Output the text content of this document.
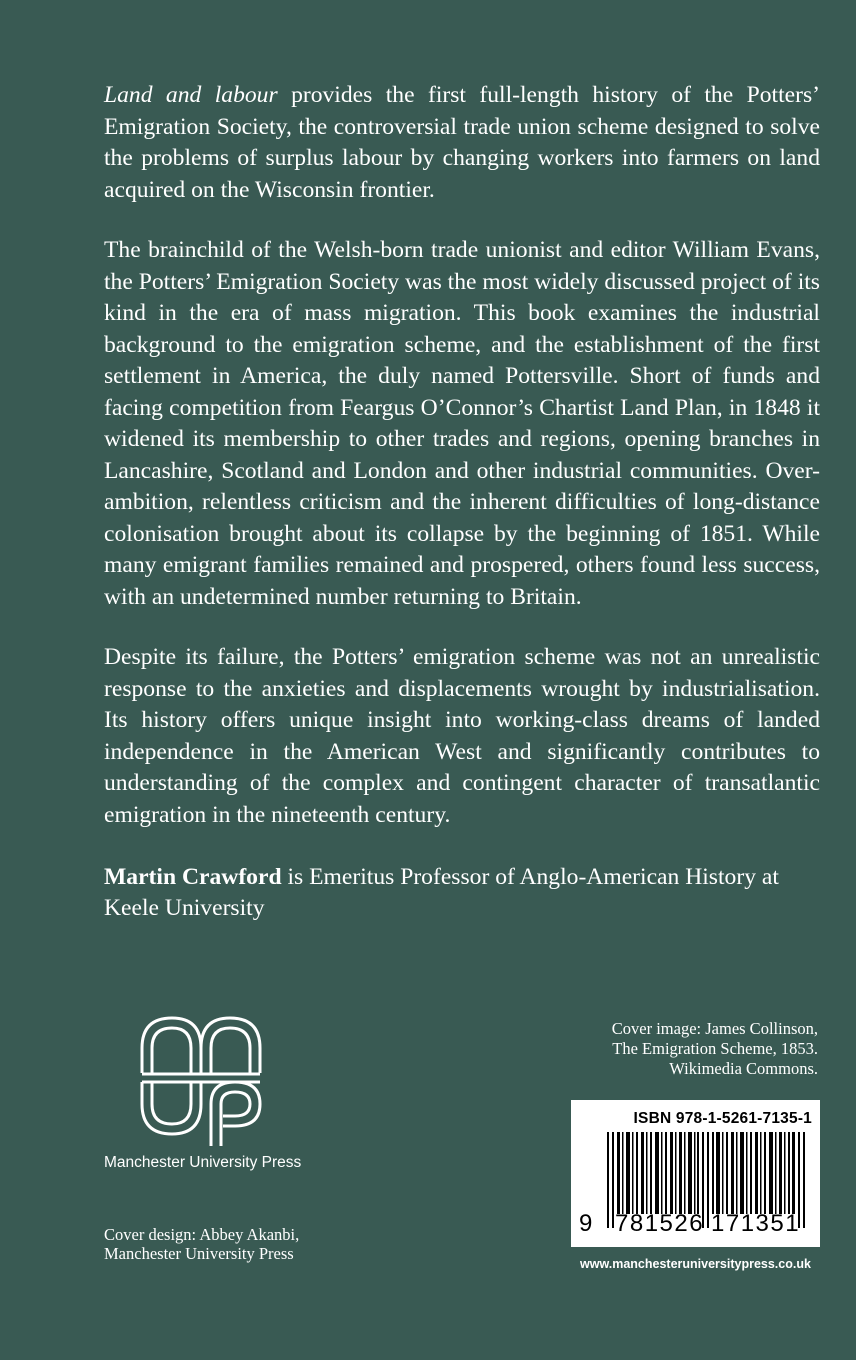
Land and labour provides the first full-length history of the Potters’ Emigration Society, the controversial trade union scheme designed to solve the problems of surplus labour by changing workers into farmers on land acquired on the Wisconsin frontier.

The brainchild of the Welsh-born trade unionist and editor William Evans, the Potters’ Emigration Society was the most widely discussed project of its kind in the era of mass migration. This book examines the industrial background to the emigration scheme, and the establishment of the first settlement in America, the duly named Pottersville. Short of funds and facing competition from Feargus O’Connor’s Chartist Land Plan, in 1848 it widened its membership to other trades and regions, opening branches in Lancashire, Scotland and London and other industrial communities. Over-ambition, relentless criticism and the inherent difficulties of long-distance colonisation brought about its collapse by the beginning of 1851. While many emigrant families remained and prospered, others found less success, with an undetermined number returning to Britain.

Despite its failure, the Potters’ emigration scheme was not an unrealistic response to the anxieties and displacements wrought by industrialisation. Its history offers unique insight into working-class dreams of landed independence in the American West and significantly contributes to understanding of the complex and contingent character of transatlantic emigration in the nineteenth century.

Martin Crawford is Emeritus Professor of Anglo-American History at Keele University

Manchester University Press
Cover design: Abbey Akanbi,
Manchester University Press
Cover image: James Collinson,
The Emigration Scheme, 1853.
Wikimedia Commons.
ISBN 978-1-5261-7135-1
9 781526 171351
www.manchesteruniversitypress.co.uk
